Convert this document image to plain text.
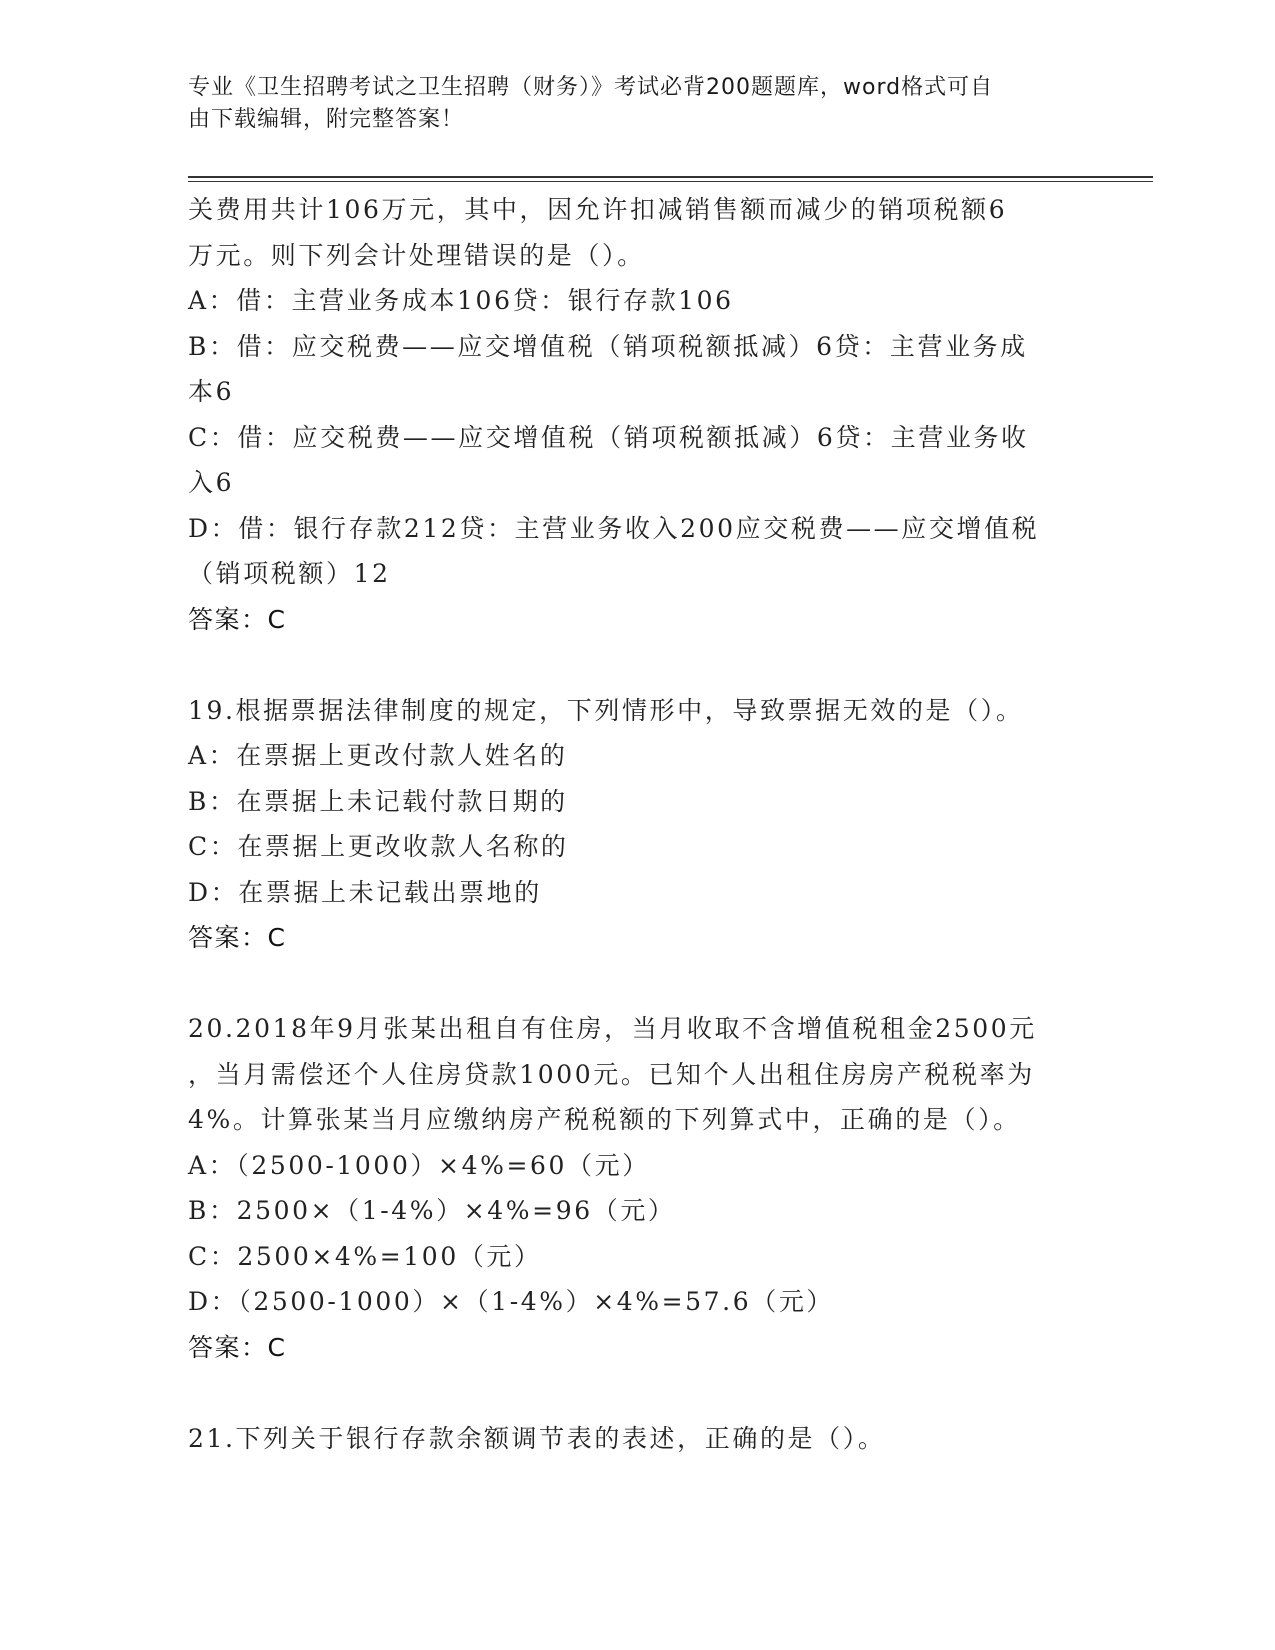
专业《卫生招聘考试之卫生招聘（财务）》考试必背200题题库，word格式可自
由下载编辑，附完整答案！
关费用共计106万元，其中，因允许扣减销售额而减少的销项税额6
万元。则下列会计处理错误的是（）。
A：借：主营业务成本106贷：银行存款106
B：借：应交税费——应交增值税（销项税额抵减）6贷：主营业务成
本6
C：借：应交税费——应交增值税（销项税额抵减）6贷：主营业务收
入6
D：借：银行存款212贷：主营业务收入200应交税费——应交增值税
（销项税额）12
答案：C
19.根据票据法律制度的规定，下列情形中，导致票据无效的是（）。
A：在票据上更改付款人姓名的
B：在票据上未记载付款日期的
C：在票据上更改收款人名称的
D：在票据上未记载出票地的
答案：C
20.2018年9月张某出租自有住房，当月收取不含增值税租金2500元
，当月需偿还个人住房贷款1000元。已知个人出租住房房产税税率为
4%。计算张某当月应缴纳房产税税额的下列算式中，正确的是（）。
A：（2500-1000）×4%=60（元）
B：2500×（1-4%）×4%=96（元）
C：2500×4%=100（元）
D：（2500-1000）×（1-4%）×4%=57.6（元）
答案：C
21.下列关于银行存款余额调节表的表述，正确的是（）。
